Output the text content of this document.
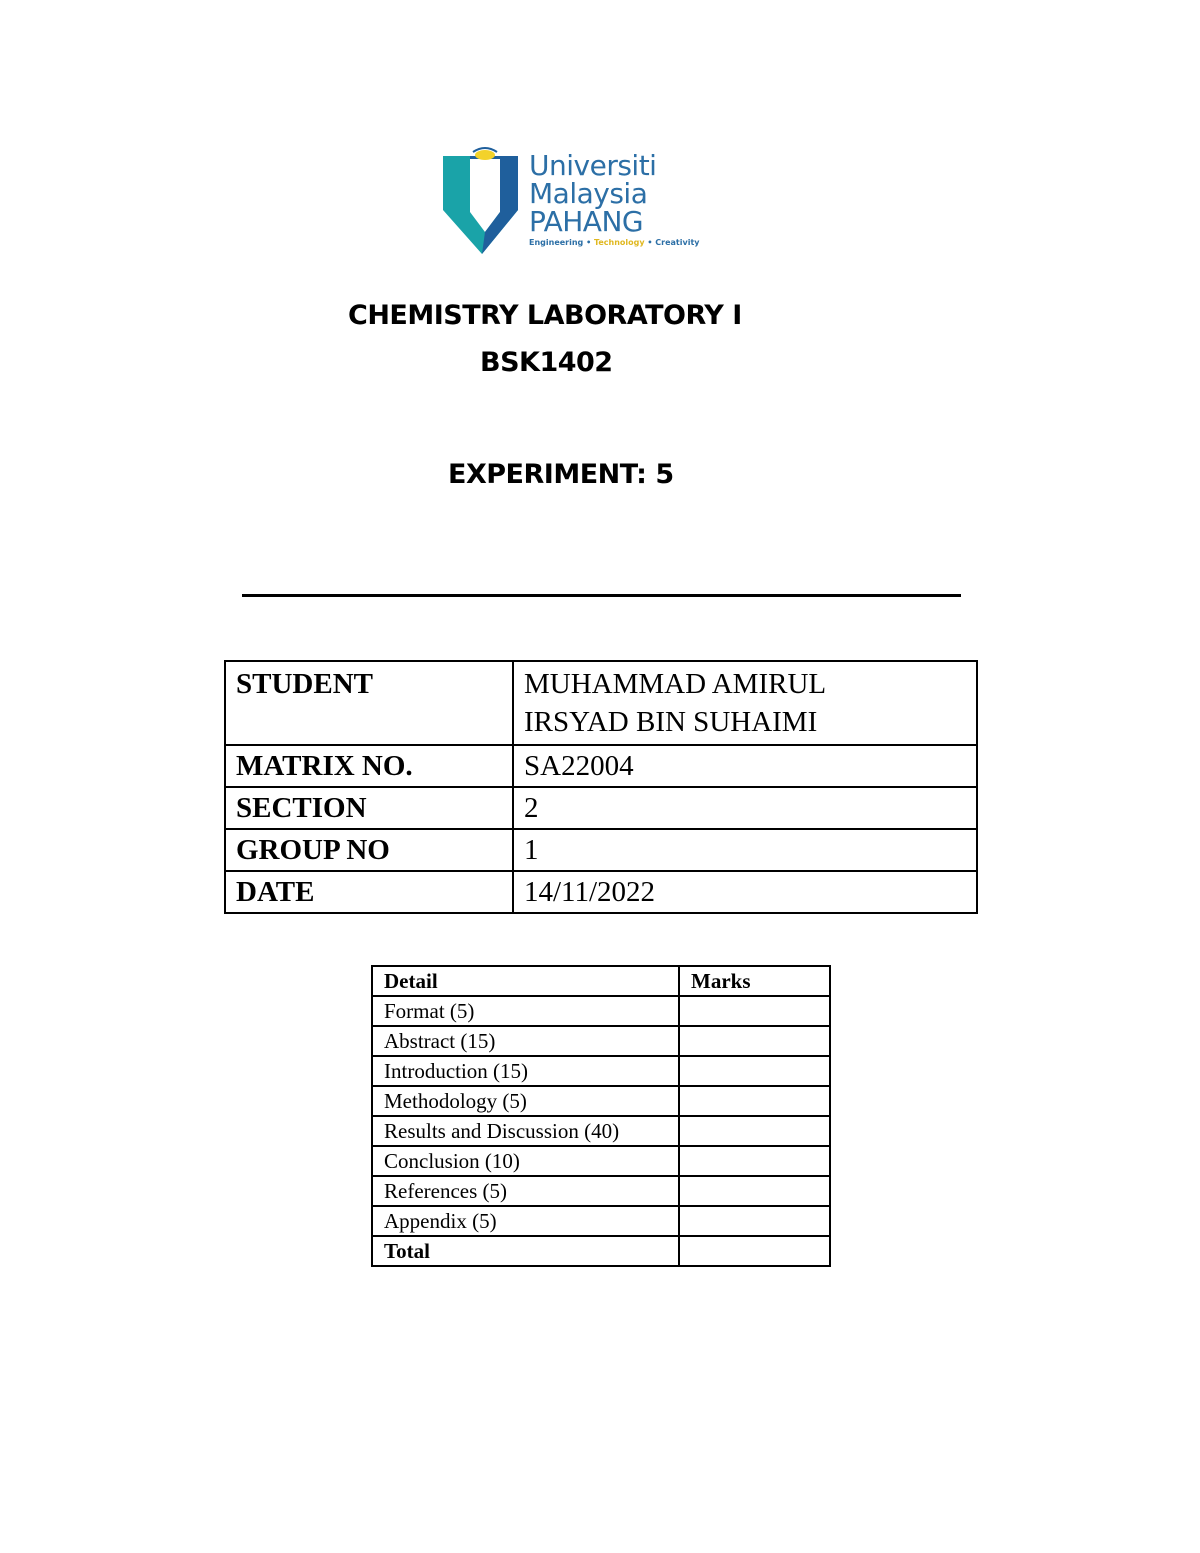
Universiti
Malaysia
PAHANG
Engineering • Technology • Creativity
CHEMISTRY LABORATORY I
BSK1402
EXPERIMENT: 5
STUDENT	MUHAMMAD AMIRUL
IRSYAD BIN SUHAIMI
MATRIX NO.	SA22004
SECTION	2
GROUP NO	1
DATE	14/11/2022
Detail	Marks
Format (5)	
Abstract (15)	
Introduction (15)	
Methodology (5)	
Results and Discussion (40)	
Conclusion (10)	
References (5)	
Appendix (5)	
Total	
